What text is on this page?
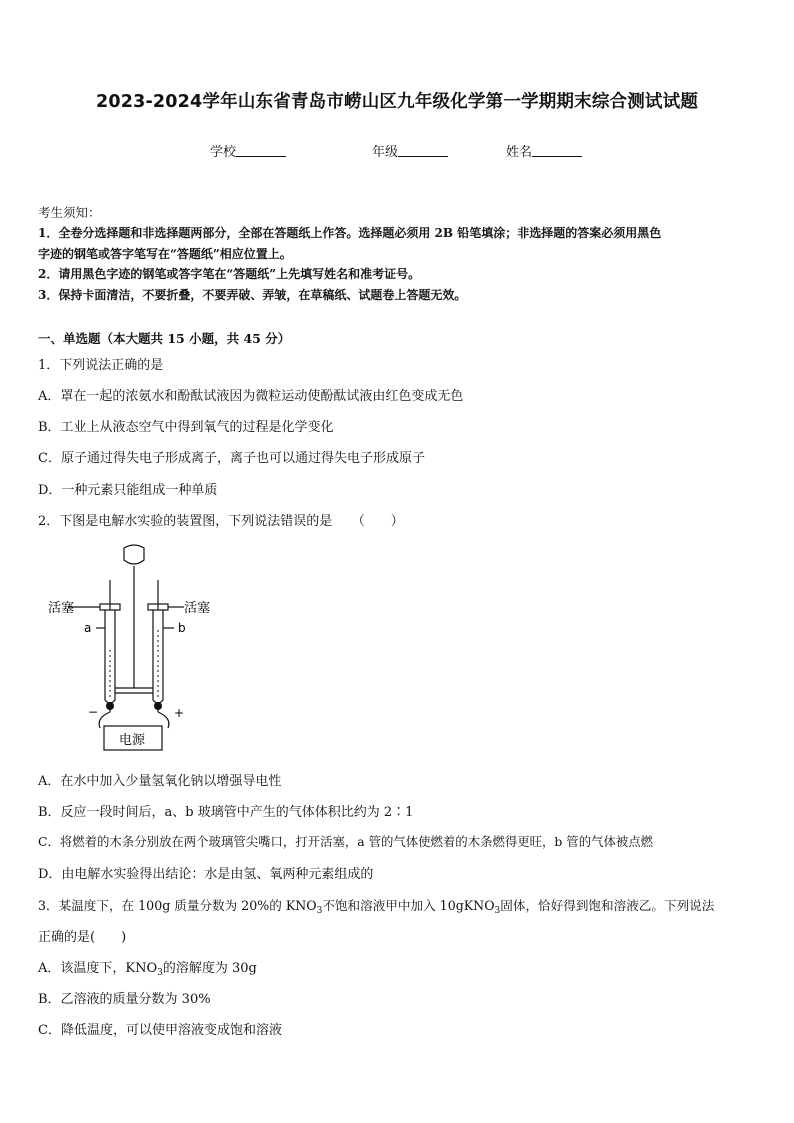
2023-2024学年山东省青岛市崂山区九年级化学第一学期期末综合测试试题
学校	年级	姓名
考生须知：
1．全卷分选择题和非选择题两部分，全部在答题纸上作答。选择题必须用 2B 铅笔填涂；非选择题的答案必须用黑色
字迹的钢笔或答字笔写在“答题纸”相应位置上。
2．请用黑色字迹的钢笔或答字笔在“答题纸”上先填写姓名和准考证号。
3．保持卡面清洁，不要折叠，不要弄破、弄皱，在草稿纸、试题卷上答题无效。
一、单选题（本大题共 15 小题，共 45 分）
1．下列说法正确的是
A．罩在一起的浓氨水和酚酞试液因为微粒运动使酚酞试液由红色变成无色
B．工业上从液态空气中得到氧气的过程是化学变化
C．原子通过得失电子形成离子，离子也可以通过得失电子形成原子
D．一种元素只能组成一种单质
2．下图是电解水实验的装置图，下列说法错误的是　　（　　）
活塞	活塞
a	b
−	+
电源
A．在水中加入少量氢氧化钠以增强导电性
B．反应一段时间后，a、b 玻璃管中产生的气体体积比约为 2∶1
C．将燃着的木条分别放在两个玻璃管尖嘴口，打开活塞，a 管的气体使燃着的木条燃得更旺，b 管的气体被点燃
D．由电解水实验得出结论：水是由氢、氧两种元素组成的
3．某温度下，在 100g 质量分数为 20%的 $KNO_3$不饱和溶液甲中加入 10gKNO$_3$固体，恰好得到饱和溶液乙。下列说法
正确的是(　　)
A．该温度下，$KNO_3$的溶解度为 30g
B．乙溶液的质量分数为 30%
C．降低温度，可以使甲溶液变成饱和溶液
